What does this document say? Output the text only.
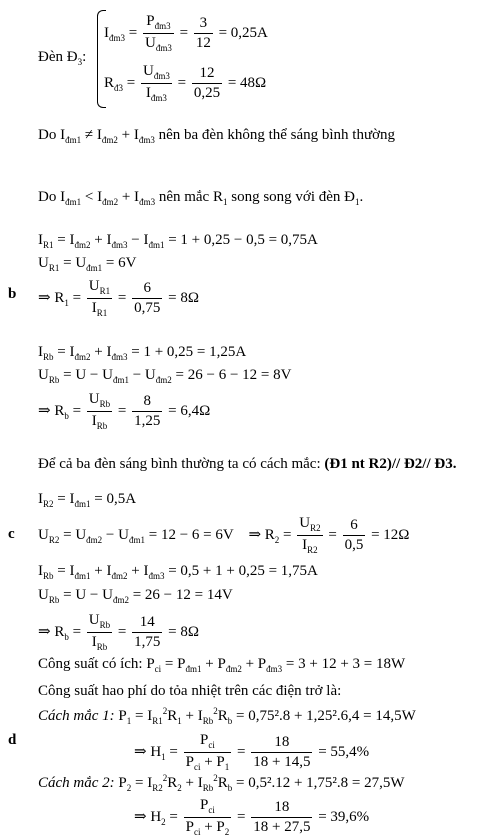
Đèn $Đ_3$:
$I_{đm3} = \frac{P_{đm3}}{U_{đm3}} = \frac{3}{12} = 0,25A$
$R_{đ3} = \frac{U_{đm3}}{I_{đm3}} = \frac{12}{0,25} = 48\Omega$
Do $I_{đm1} \ne I_{đm2} + I_{đm3}$ nên ba đèn không thể sáng bình thường
Do $I_{đm1} < I_{đm2} + I_{đm3}$ nên mắc $R_1$ song song với đèn $Đ_1$.
b
$I_{R1} = I_{đm2} + I_{đm3} - I_{đm1} = 1 + 0,25 - 0,5 = 0,75A$
$U_{R1} = U_{đm1} = 6V$
⇒ $R_1 = \frac{U_{R1}}{I_{R1}} = \frac{6}{0,75} = 8\Omega$
$I_{Rb} = I_{đm2} + I_{đm3} = 1 + 0,25 = 1,25A$
$U_{Rb} = U - U_{đm1} - U_{đm2} = 26 - 6 - 12 = 8V$
⇒ $R_b = \frac{U_{Rb}}{I_{Rb}} = \frac{8}{1,25} = 6,4\Omega$
Để cả ba đèn sáng bình thường ta có cách mắc: (Đ1 nt R2)// Đ2// Đ3.
c
$I_{R2} = I_{đm1} = 0,5A$
$U_{R2} = U_{đm2} - U_{đm1} = 12 - 6 = 6V$    ⇒ $R_2 = \frac{U_{R2}}{I_{R2}} = \frac{6}{0,5} = 12\Omega$
$I_{Rb} = I_{đm1} + I_{đm2} + I_{đm3} = 0,5 + 1 + 0,25 = 1,75A$
$U_{Rb} = U - U_{đm2} = 26 - 12 = 14V$
⇒ $R_b = \frac{U_{Rb}}{I_{Rb}} = \frac{14}{1,75} = 8\Omega$
Công suất có ích: $P_{ci} = P_{đm1} + P_{đm2} + P_{đm3} = 3 + 12 + 3 = 18W$
d
Công suất hao phí do tỏa nhiệt trên các điện trở là:
Cách mắc 1: $P_1 = I_{R1}^2R_1 + I_{Rb}^2R_b = 0,75^2.8 + 1,25^2.6,4 = 14,5W$
⇒ $H_1 = \frac{P_{ci}}{P_{ci} + P_1} = \frac{18}{18 + 14,5} = 55,4\%$
Cách mắc 2: $P_2 = I_{R2}^2R_2 + I_{Rb}^2R_b = 0,5^2.12 + 1,75^2.8 = 27,5W$
⇒ $H_2 = \frac{P_{ci}}{P_{ci} + P_2} = \frac{18}{18 + 27,5} = 39,6\%$
